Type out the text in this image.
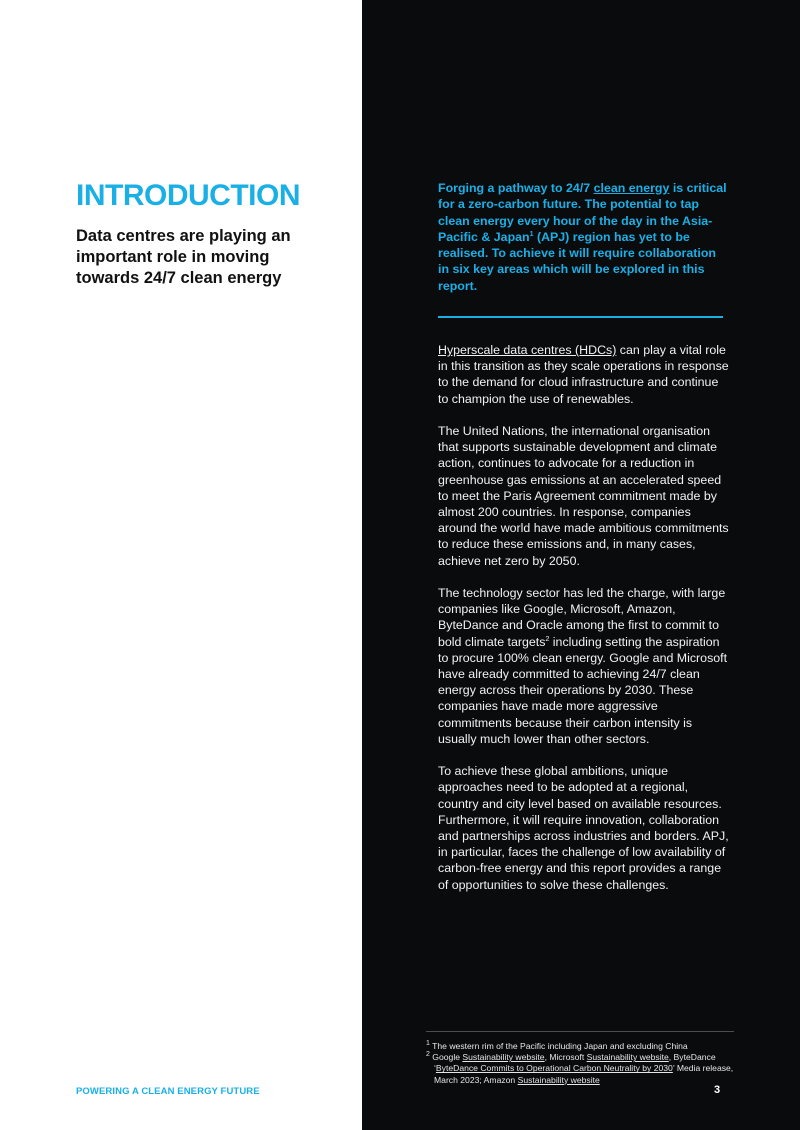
INTRODUCTION

Data centres are playing an important role in moving towards 24/7 clean energy

Forging a pathway to 24/7 clean energy is critical for a zero-carbon future. The potential to tap clean energy every hour of the day in the Asia-Pacific & Japan$^1$ (APJ) region has yet to be realised. To achieve it will require collaboration in six key areas which will be explored in this report.

Hyperscale data centres (HDCs) can play a vital role in this transition as they scale operations in response to the demand for cloud infrastructure and continue to champion the use of renewables.

The United Nations, the international organisation that supports sustainable development and climate action, continues to advocate for a reduction in greenhouse gas emissions at an accelerated speed to meet the Paris Agreement commitment made by almost 200 countries. In response, companies around the world have made ambitious commitments to reduce these emissions and, in many cases, achieve net zero by 2050.

The technology sector has led the charge, with large companies like Google, Microsoft, Amazon, ByteDance and Oracle among the first to commit to bold climate targets$^2$ including setting the aspiration to procure 100% clean energy. Google and Microsoft have already committed to achieving 24/7 clean energy across their operations by 2030. These companies have made more aggressive commitments because their carbon intensity is usually much lower than other sectors.

To achieve these global ambitions, unique approaches need to be adopted at a regional, country and city level based on available resources. Furthermore, it will require innovation, collaboration and partnerships across industries and borders. APJ, in particular, faces the challenge of low availability of carbon-free energy and this report provides a range of opportunities to solve these challenges.

$^1$ The western rim of the Pacific including Japan and excluding China

$^2$ Google Sustainability website, Microsoft Sustainability website, ByteDance

‘ByteDance Commits to Operational Carbon Neutrality by 2030’ Media release,

March 2023; Amazon Sustainability website

POWERING A CLEAN ENERGY FUTURE	3
